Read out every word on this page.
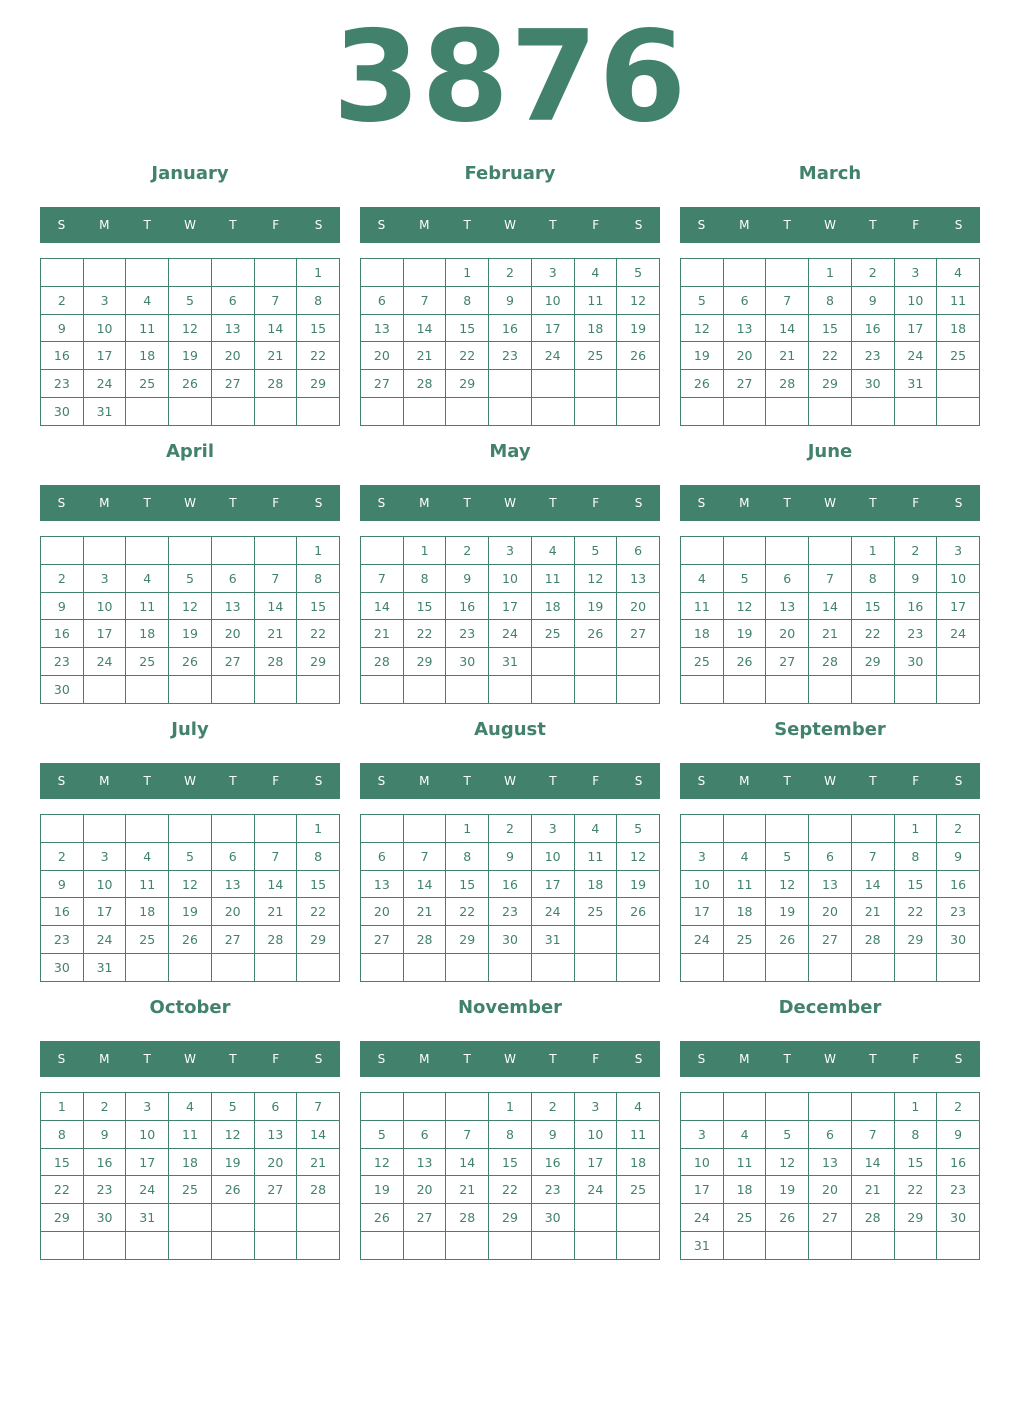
3876
January
S	M	T	W	T	F	S
						1
2	3	4	5	6	7	8
9	10	11	12	13	14	15
16	17	18	19	20	21	22
23	24	25	26	27	28	29
30	31					
February
S	M	T	W	T	F	S
		1	2	3	4	5
6	7	8	9	10	11	12
13	14	15	16	17	18	19
20	21	22	23	24	25	26
27	28	29				

March
S	M	T	W	T	F	S
			1	2	3	4
5	6	7	8	9	10	11
12	13	14	15	16	17	18
19	20	21	22	23	24	25
26	27	28	29	30	31	

April
S	M	T	W	T	F	S
						1
2	3	4	5	6	7	8
9	10	11	12	13	14	15
16	17	18	19	20	21	22
23	24	25	26	27	28	29
30						
May
S	M	T	W	T	F	S
	1	2	3	4	5	6
7	8	9	10	11	12	13
14	15	16	17	18	19	20
21	22	23	24	25	26	27
28	29	30	31			

June
S	M	T	W	T	F	S
				1	2	3
4	5	6	7	8	9	10
11	12	13	14	15	16	17
18	19	20	21	22	23	24
25	26	27	28	29	30	

July
S	M	T	W	T	F	S
						1
2	3	4	5	6	7	8
9	10	11	12	13	14	15
16	17	18	19	20	21	22
23	24	25	26	27	28	29
30	31					
August
S	M	T	W	T	F	S
		1	2	3	4	5
6	7	8	9	10	11	12
13	14	15	16	17	18	19
20	21	22	23	24	25	26
27	28	29	30	31		

September
S	M	T	W	T	F	S
					1	2
3	4	5	6	7	8	9
10	11	12	13	14	15	16
17	18	19	20	21	22	23
24	25	26	27	28	29	30

October
S	M	T	W	T	F	S
1	2	3	4	5	6	7
8	9	10	11	12	13	14
15	16	17	18	19	20	21
22	23	24	25	26	27	28
29	30	31				

November
S	M	T	W	T	F	S
			1	2	3	4
5	6	7	8	9	10	11
12	13	14	15	16	17	18
19	20	21	22	23	24	25
26	27	28	29	30		

December
S	M	T	W	T	F	S
					1	2
3	4	5	6	7	8	9
10	11	12	13	14	15	16
17	18	19	20	21	22	23
24	25	26	27	28	29	30
31						
